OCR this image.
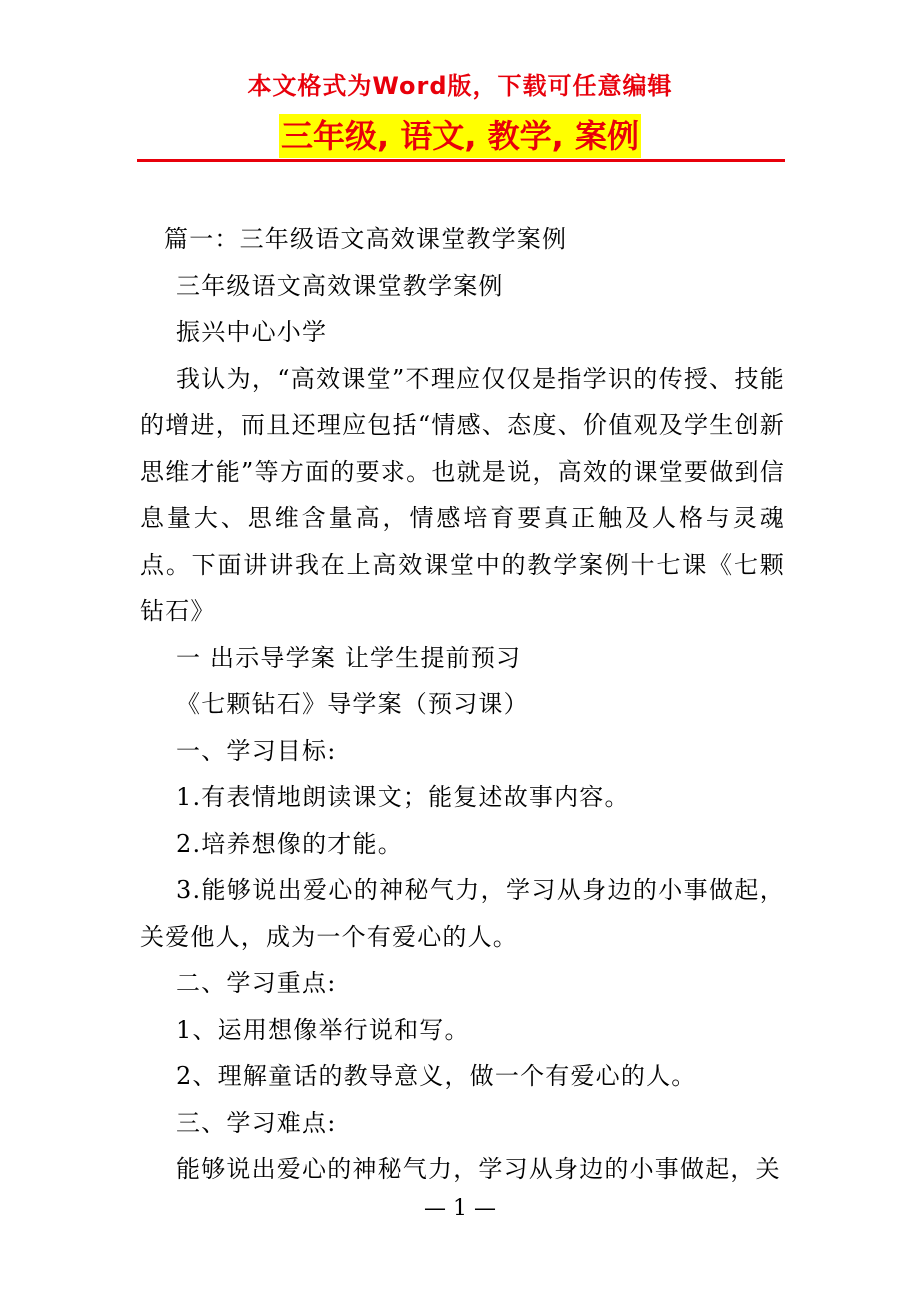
本文格式为Word版，下载可任意编辑
三年级, 语文, 教学, 案例

篇一：三年级语文高效课堂教学案例

三年级语文高效课堂教学案例

振兴中心小学

我认为，“高效课堂”不理应仅仅是指学识的传授、技能的增进，而且还理应包括“情感、态度、价值观及学生创新思维才能”等方面的要求。也就是说，高效的课堂要做到信息量大、思维含量高，情感培育要真正触及人格与灵魂点。下面讲讲我在上高效课堂中的教学案例十七课《七颗钻石》

一 出示导学案 让学生提前预习

《七颗钻石》导学案（预习课）

一、学习目标:

1.有表情地朗读课文；能复述故事内容。

2.培养想像的才能。

3.能够说出爱心的神秘气力，学习从身边的小事做起，关爱他人，成为一个有爱心的人。

二、学习重点:

1、运用想像举行说和写。

2、理解童话的教导意义，做一个有爱心的人。

三、学习难点:

能够说出爱心的神秘气力，学习从身边的小事做起，关

— 1 —
